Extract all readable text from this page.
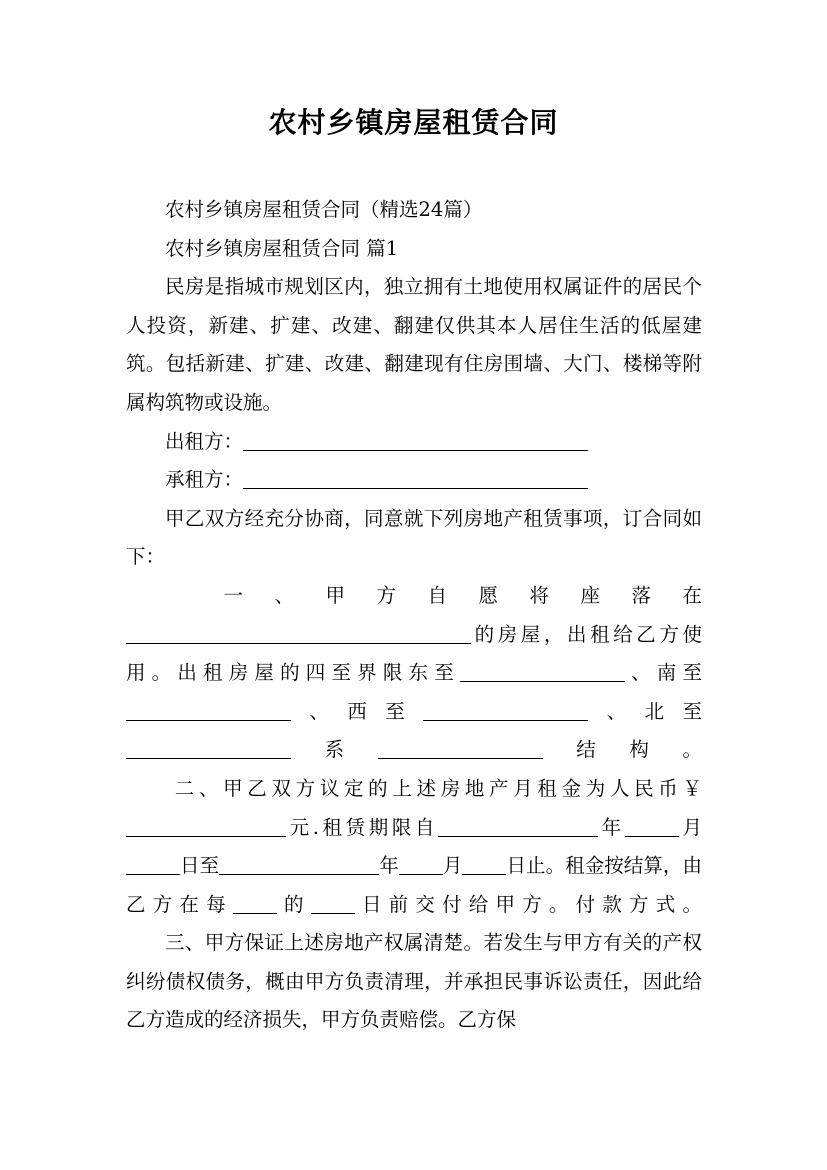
农村乡镇房屋租赁合同

农村乡镇房屋租赁合同（精选24篇）

农村乡镇房屋租赁合同 篇1

民房是指城市规划区内，独立拥有土地使用权属证件的居民个人投资，新建、扩建、改建、翻建仅供其本人居住生活的低屋建筑。包括新建、扩建、改建、翻建现有住房围墙、大门、楼梯等附属构筑物或设施。

出租方：

承租方：

甲乙双方经充分协商，同意就下列房地产租赁事项，订合同如下：

一、甲方自愿将座落在的房屋，出租给乙方使用。出租房屋的四至界限东至	、南至、西至	、北至系	结构。

二、甲乙双方议定的上述房地产月租金为人民币￥元.租赁期限自	年	月日至	年 月 日止。租金按结算，由乙方在每 的 日前交付给甲方。付款方式。

三、甲方保证上述房地产权属清楚。若发生与甲方有关的产权纠纷债权债务，概由甲方负责清理，并承担民事诉讼责任，因此给乙方造成的经济损失，甲方负责赔偿。乙方保
